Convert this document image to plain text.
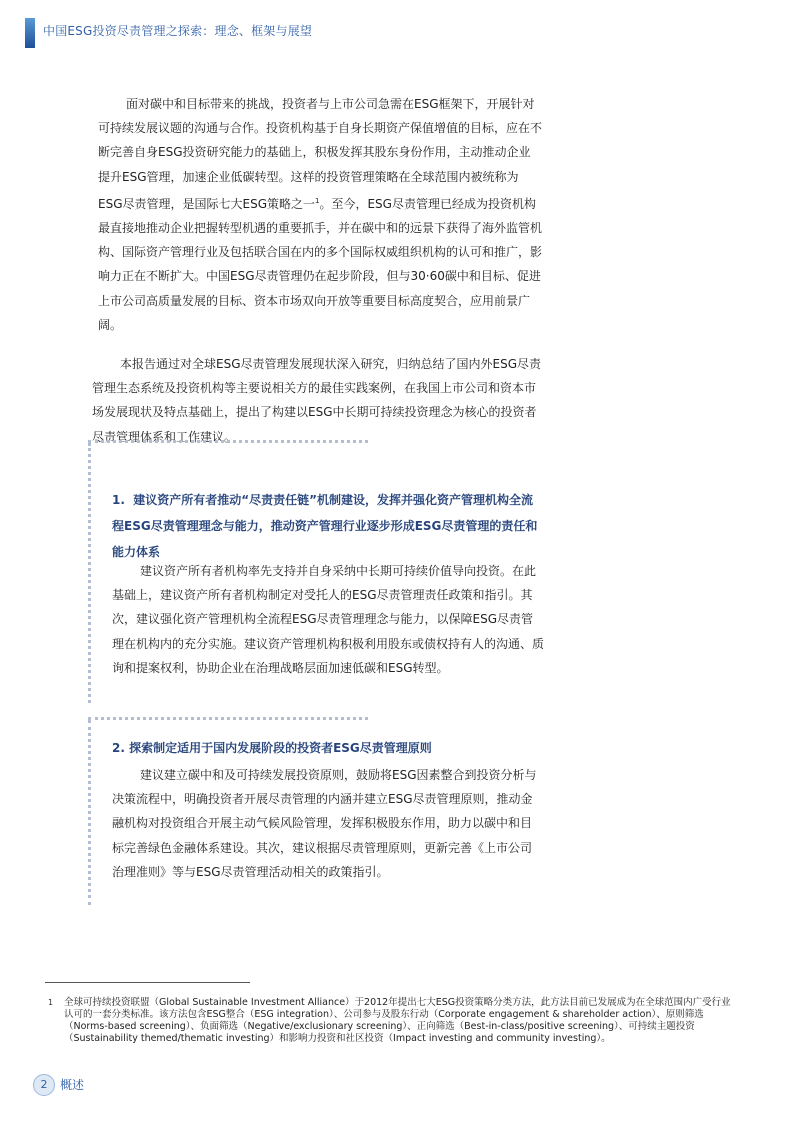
中国ESG投资尽责管理之探索：理念、框架与展望

面对碳中和目标带来的挑战，投资者与上市公司急需在ESG框架下，开展针对可持续发展议题的沟通与合作。投资机构基于自身长期资产保值增值的目标，应在不断完善自身ESG投资研究能力的基础上，积极发挥其股东身份作用，主动推动企业提升ESG管理，加速企业低碳转型。这样的投资管理策略在全球范围内被统称为ESG尽责管理，是国际七大ESG策略之一$^1$。至今，ESG尽责管理已经成为投资机构最直接地推动企业把握转型机遇的重要抓手，并在碳中和的远景下获得了海外监管机构、国际资产管理行业及包括联合国在内的多个国际权威组织机构的认可和推广，影响力正在不断扩大。中国ESG尽责管理仍在起步阶段，但与30·60碳中和目标、促进上市公司高质量发展的目标、资本市场双向开放等重要目标高度契合，应用前景广阔。

本报告通过对全球ESG尽责管理发展现状深入研究，归纳总结了国内外ESG尽责管理生态系统及投资机构等主要说相关方的最佳实践案例，在我国上市公司和资本市场发展现状及特点基础上，提出了构建以ESG中长期可持续投资理念为核心的投资者尽责管理体系和工作建议。

1.  建议资产所有者推动“尽责责任链”机制建设，发挥并强化资产管理机构全流程ESG尽责管理理念与能力，推动资产管理行业逐步形成ESG尽责管理的责任和能力体系

建议资产所有者机构率先支持并自身采纳中长期可持续价值导向投资。在此基础上，建议资产所有者机构制定对受托人的ESG尽责管理责任政策和指引。其次，建议强化资产管理机构全流程ESG尽责管理理念与能力，以保障ESG尽责管理在机构内的充分实施。建议资产管理机构积极利用股东或债权持有人的沟通、质询和提案权利，协助企业在治理战略层面加速低碳和ESG转型。

2. 探索制定适用于国内发展阶段的投资者ESG尽责管理原则

建议建立碳中和及可持续发展投资原则，鼓励将ESG因素整合到投资分析与决策流程中，明确投资者开展尽责管理的内涵并建立ESG尽责管理原则，推动金融机构对投资组合开展主动气候风险管理，发挥积极股东作用，助力以碳中和目标完善绿色金融体系建设。其次，建议根据尽责管理原则，更新完善《上市公司治理准则》等与ESG尽责管理活动相关的政策指引。

1 全球可持续投资联盟（Global Sustainable Investment Alliance）于2012年提出七大ESG投资策略分类方法，此方法目前已发展成为在全球范围内广受行业认可的一套分类标准。该方法包含ESG整合（ESG integration）、公司参与及股东行动（Corporate engagement & shareholder action）、原则筛选（Norms-based screening）、负面筛选（Negative/exclusionary screening）、正向筛选（Best-in-class/positive screening）、可持续主题投资（Sustainability themed/thematic investing）和影响力投资和社区投资（Impact investing and community investing）。

2	概述
